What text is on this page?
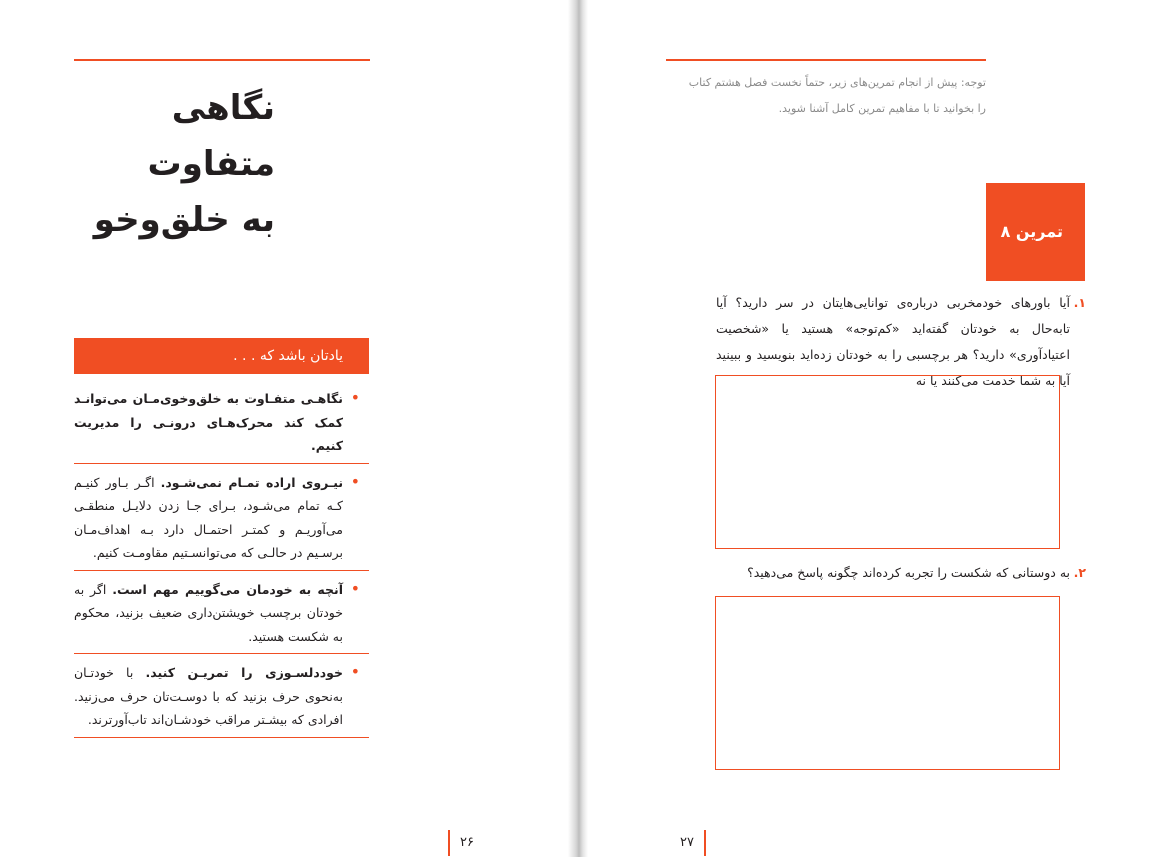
نگاهی متفاوت
به خلق‌وخو
یادتان باشد که . . .
•
نگاهـی متفـاوت به خلق‌وخوی‌مـان می‌توانـد کمک کند محرک‌هـای درونـی را مدیریت کنیم.
•
نیـروی اراده تمـام نمی‌شـود. اگـر بـاور کنیـم کـه تمام می‌شـود، بـرای جـا زدن دلایـل منطقـی می‌آوریـم و کمتـر احتمـال دارد بـه اهداف‌مـان برسـیم در حالـی که می‌توانسـتیم مقاومـت کنیم.
•
آنچه به خودمان می‌گوییم مهم است. اگر به خودتان برچسب خویشتن‌داری ضعیف بزنید، محکوم به شکست هستید.
•
خوددلسـوزی را تمریـن کنید. با خودتـان به‌نحوی حرف بزنید که با دوسـت‌تان حرف می‌زنید. افرادی که بیشـتر مراقب خودشـان‌اند تاب‌آورترند.
۲۶
توجه: پیش از انجام تمرین‌های زیر، حتماً نخست فصل هشتم کتاب را بخوانید تا با مفاهیم تمرین کامل آشنا شوید.
تمرین ۸
۱.
آیا باورهای خودمخربی درباره‌ی توانایی‌هایتان در سر دارید؟ آیا تابه‌حال به خودتان گفته‌اید «کم‌توجه» هستید یا «شخصیت اعتیادآوری» دارید؟ هر برچسبی را به خودتان زده‌اید بنویسید و ببینید آیا به شما خدمت می‌کنند یا نه
۲.
به دوستانی که شکست را تجربه کرده‌اند چگونه پاسخ می‌دهید؟
۲۷
